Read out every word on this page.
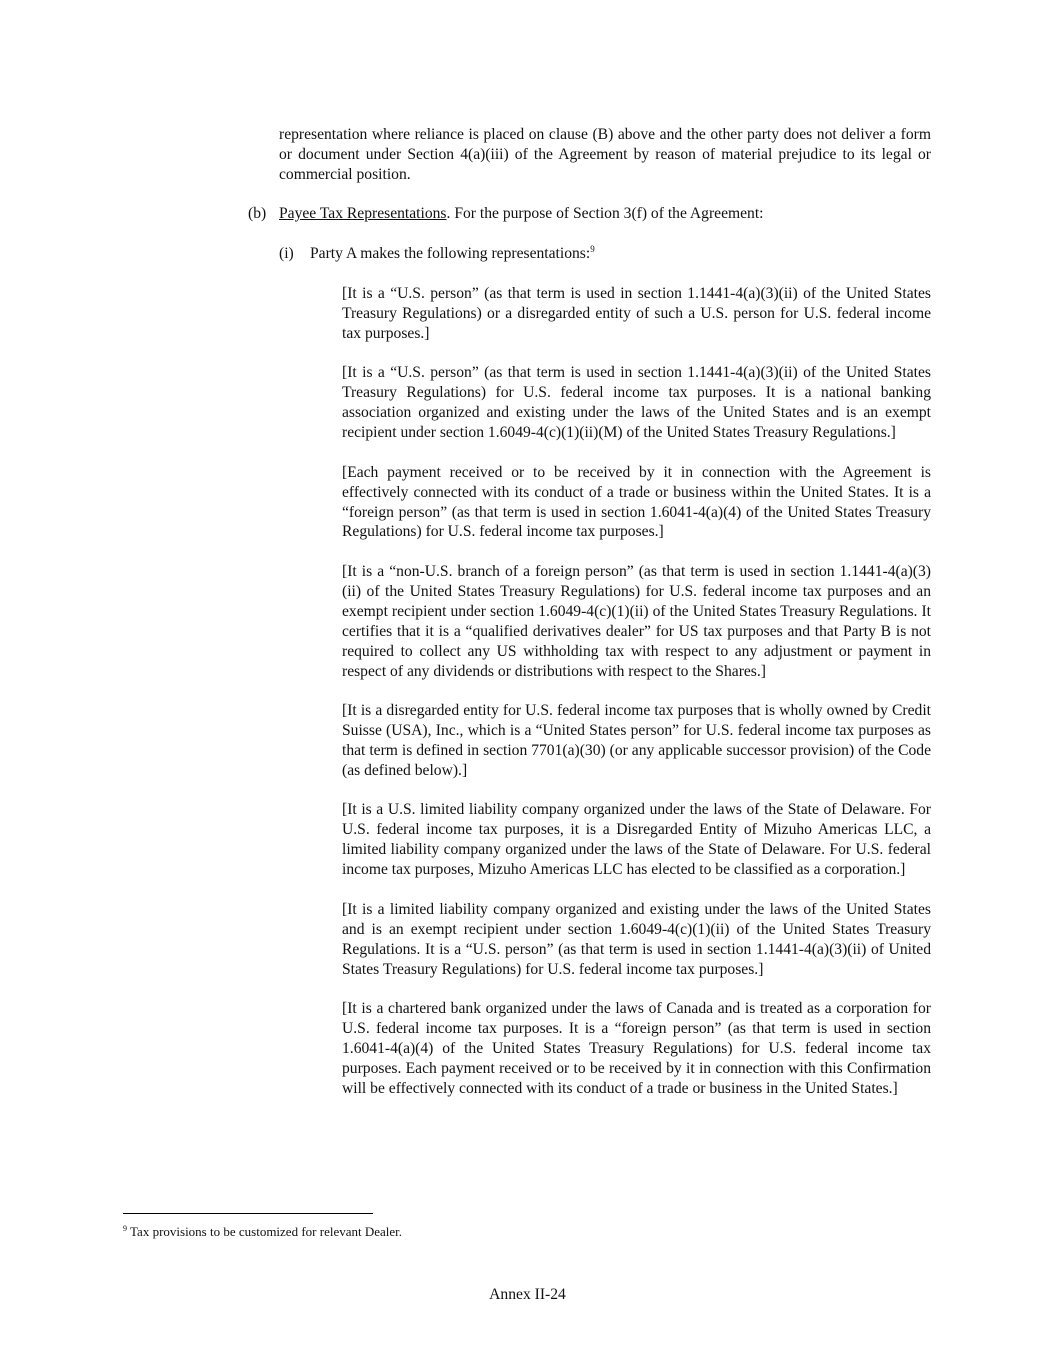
representation where reliance is placed on clause (B) above and the other party does not deliver a form or document under Section 4(a)(iii) of the Agreement by reason of material prejudice to its legal or commercial position.

(b) Payee Tax Representations. For the purpose of Section 3(f) of the Agreement:

(i) Party A makes the following representations:$^9$

[It is a “U.S. person” (as that term is used in section 1.1441-4(a)(3)(ii) of the United States Treasury Regulations) or a disregarded entity of such a U.S. person for U.S. federal income tax purposes.]

[It is a “U.S. person” (as that term is used in section 1.1441-4(a)(3)(ii) of the United States Treasury Regulations) for U.S. federal income tax purposes. It is a national banking association organized and existing under the laws of the United States and is an exempt recipient under section 1.6049-4(c)(1)(ii)(M) of the United States Treasury Regulations.]

[Each payment received or to be received by it in connection with the Agreement is effectively connected with its conduct of a trade or business within the United States. It is a “foreign person” (as that term is used in section 1.6041-4(a)(4) of the United States Treasury Regulations) for U.S. federal income tax purposes.]

[It is a “non-U.S. branch of a foreign person” (as that term is used in section 1.1441-4(a)(3)(ii) of the United States Treasury Regulations) for U.S. federal income tax purposes and an exempt recipient under section 1.6049-4(c)(1)(ii) of the United States Treasury Regulations. It certifies that it is a “qualified derivatives dealer” for US tax purposes and that Party B is not required to collect any US withholding tax with respect to any adjustment or payment in respect of any dividends or distributions with respect to the Shares.]

[It is a disregarded entity for U.S. federal income tax purposes that is wholly owned by Credit Suisse (USA), Inc., which is a “United States person” for U.S. federal income tax purposes as that term is defined in section 7701(a)(30) (or any applicable successor provision) of the Code (as defined below).]

[It is a U.S. limited liability company organized under the laws of the State of Delaware. For U.S. federal income tax purposes, it is a Disregarded Entity of Mizuho Americas LLC, a limited liability company organized under the laws of the State of Delaware. For U.S. federal income tax purposes, Mizuho Americas LLC has elected to be classified as a corporation.]

[It is a limited liability company organized and existing under the laws of the United States and is an exempt recipient under section 1.6049-4(c)(1)(ii) of the United States Treasury Regulations. It is a “U.S. person” (as that term is used in section 1.1441-4(a)(3)(ii) of United States Treasury Regulations) for U.S. federal income tax purposes.]

[It is a chartered bank organized under the laws of Canada and is treated as a corporation for U.S. federal income tax purposes. It is a “foreign person” (as that term is used in section 1.6041-4(a)(4) of the United States Treasury Regulations) for U.S. federal income tax purposes. Each payment received or to be received by it in connection with this Confirmation will be effectively connected with its conduct of a trade or business in the United States.]

$^9$ Tax provisions to be customized for relevant Dealer.

Annex II-24
